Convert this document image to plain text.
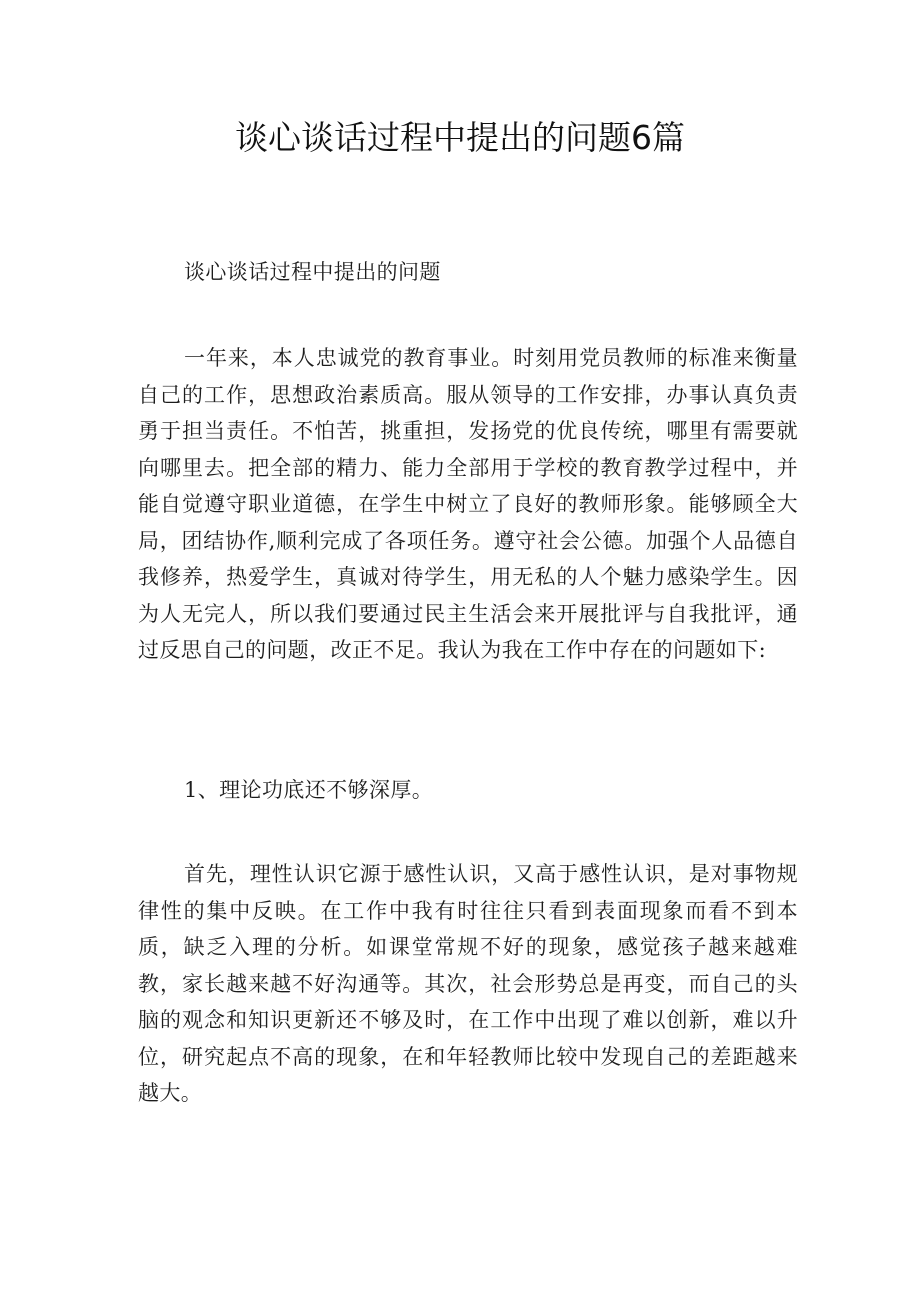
谈心谈话过程中提出的问题6篇

谈心谈话过程中提出的问题

一年来，本人忠诚党的教育事业。时刻用党员教师的标准来衡量自己的工作，思想政治素质高。服从领导的工作安排，办事认真负责勇于担当责任。不怕苦，挑重担，发扬党的优良传统，哪里有需要就向哪里去。把全部的精力、能力全部用于学校的教育教学过程中，并能自觉遵守职业道德，在学生中树立了良好的教师形象。能够顾全大局，团结协作,顺利完成了各项任务。遵守社会公德。加强个人品德自我修养，热爱学生，真诚对待学生，用无私的人个魅力感染学生。因为人无完人，所以我们要通过民主生活会来开展批评与自我批评，通过反思自己的问题，改正不足。我认为我在工作中存在的问题如下:

1、理论功底还不够深厚。

首先，理性认识它源于感性认识，又高于感性认识，是对事物规律性的集中反映。在工作中我有时往往只看到表面现象而看不到本质，缺乏入理的分析。如课堂常规不好的现象，感觉孩子越来越难教，家长越来越不好沟通等。其次，社会形势总是再变，而自己的头脑的观念和知识更新还不够及时，在工作中出现了难以创新，难以升位，研究起点不高的现象，在和年轻教师比较中发现自己的差距越来越大。
